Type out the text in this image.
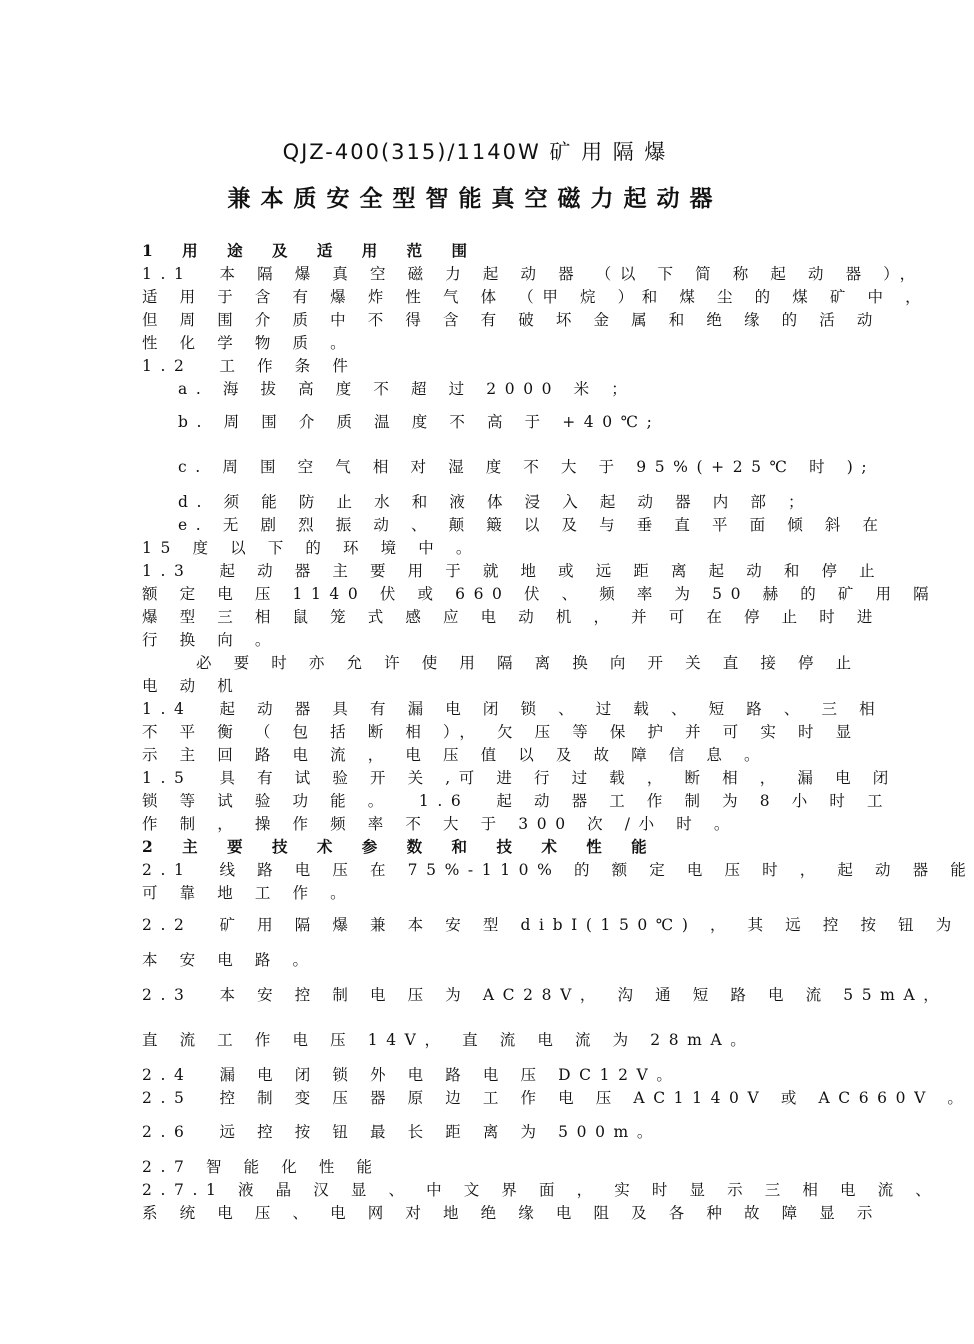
QJZ-400(315)/1140W 矿 用 隔 爆
兼本质安全型智能真空磁力起动器
1 用 途 及 适 用 范 围
1.1  本 隔 爆 真 空 磁 力 起 动 器 （以 下 简 称 起 动 器 ），
适 用 于 含 有 爆 炸 性 气 体 （甲 烷 ）和 煤 尘 的 煤 矿 中 ，
但 周 围 介 质 中 不 得 含 有 破 坏 金 属 和 绝 缘 的 活 动
性 化 学 物 质 。
1.2  工 作 条 件
a. 海 拔 高 度 不 超 过 2000 米 ；
b. 周 围 介 质 温 度 不 高 于 +40℃;
c. 周 围 空 气 相 对 湿 度 不 大 于 95%(+25℃ 时 );
d. 须 能 防 止 水 和 液 体 浸 入 起 动 器 内 部 ；
e. 无 剧 烈 振 动 、 颠 簸 以 及 与 垂 直 平 面 倾 斜 在
15 度 以 下 的 环 境 中 。
1.3  起 动 器 主 要 用 于 就 地 或 远 距 离 起 动 和 停 止
额 定 电 压 1140 伏 或 660 伏 、 频 率 为 50 赫 的 矿 用 隔
爆 型 三 相 鼠 笼 式 感 应 电 动 机 ， 并 可 在 停 止 时 进
行 换 向 。
必 要 时 亦 允 许 使 用 隔 离 换 向 开 关 直 接 停 止
电 动 机
1.4  起 动 器 具 有 漏 电 闭 锁 、 过 载 、 短 路 、 三 相
不 平 衡 （ 包 括 断 相 ）， 欠 压 等 保 护 并 可 实 时 显
示 主 回 路 电 流 ， 电 压 值 以 及 故 障 信 息 。
1.5  具 有 试 验 开 关 ,可 进 行 过 载 ， 断 相 ， 漏 电 闭
锁 等 试 验 功 能 。  1.6  起 动 器 工 作 制 为 8 小 时 工
作 制 ， 操 作 频 率 不 大 于 300 次 /小 时 。
2 主 要 技 术 参 数 和 技 术 性 能
2.1  线 路 电 压 在 75%-110% 的 额 定 电 压 时 ， 起 动 器 能
可 靠 地 工 作 。
2.2  矿 用 隔 爆 兼 本 安 型 dibI(150℃) ， 其 远 控 按 钮 为
本 安 电 路 。
2.3  本 安 控 制 电 压 为 AC28V， 沟 通 短 路 电 流 55mA，
直 流 工 作 电 压 14V， 直 流 电 流 为 28mA。
2.4  漏 电 闭 锁 外 电 路 电 压 DC12V。
2.5  控 制 变 压 器 原 边 工 作 电 压 AC1140V 或 AC660V 。
2.6  远 控 按 钮 最 长 距 离 为 500m。
2.7 智 能 化 性 能
2.7.1 液 晶 汉 显 、 中 文 界 面 ， 实 时 显 示 三 相 电 流 、
系 统 电 压 、 电 网 对 地 绝 缘 电 阻 及 各 种 故 障 显 示
